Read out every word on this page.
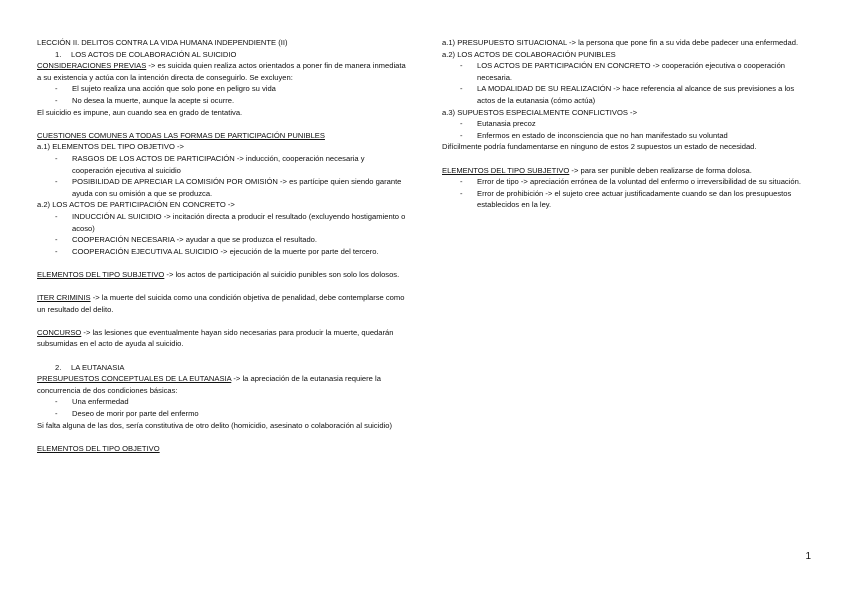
LECCIÓN II. DELITOS CONTRA LA VIDA HUMANA INDEPENDIENTE (II)

1.	LOS ACTOS DE COLABORACIÓN AL SUICIDIO

CONSIDERACIONES PREVIAS -> es suicida quien realiza actos orientados a poner fin de manera inmediata a su existencia y actúa con la intención directa de conseguirlo. Se excluyen:

- El sujeto realiza una acción que solo pone en peligro su vida
- No desea la muerte, aunque la acepte si ocurre.

El suicidio es impune, aun cuando sea en grado de tentativa.

CUESTIONES COMUNES A TODAS LAS FORMAS DE PARTICIPACIÓN PUNIBLES

a.1) ELEMENTOS DEL TIPO OBJETIVO ->

- RASGOS DE LOS ACTOS DE PARTICIPACIÓN -> inducción, cooperación necesaria y cooperación ejecutiva al suicidio
- POSIBILIDAD DE APRECIAR LA COMISIÓN POR OMISIÓN -> es partícipe quien siendo garante ayuda con su omisión a que se produzca.

a.2) LOS ACTOS DE PARTICIPACIÓN EN CONCRETO ->

- INDUCCIÓN AL SUICIDIO -> incitación directa a producir el resultado (excluyendo hostigamiento o acoso)
- COOPERACIÓN NECESARIA -> ayudar a que se produzca el resultado.
- COOPERACIÓN EJECUTIVA AL SUICIDIO -> ejecución de la muerte por parte del tercero.

ELEMENTOS DEL TIPO SUBJETIVO -> los actos de participación al suicidio punibles son solo los dolosos.

ITER CRIMINIS -> la muerte del suicida como una condición objetiva de penalidad, debe contemplarse como un resultado del delito.

CONCURSO -> las lesiones que eventualmente hayan sido necesarias para producir la muerte, quedarán subsumidas en el acto de ayuda al suicidio.

2.	LA EUTANASIA

PRESUPUESTOS CONCEPTUALES DE LA EUTANASIA -> la apreciación de la eutanasia requiere la concurrencia de dos condiciones básicas:

- Una enfermedad
- Deseo de morir por parte del enfermo

Si falta alguna de las dos, sería constitutiva de otro delito (homicidio, asesinato o colaboración al suicidio)

ELEMENTOS DEL TIPO OBJETIVO

a.1) PRESUPUESTO SITUACIONAL -> la persona que pone fin a su vida debe padecer una enfermedad.

a.2) LOS ACTOS DE COLABORACIÓN PUNIBLES

- LOS ACTOS DE PARTICIPACIÓN EN CONCRETO -> cooperación ejecutiva o cooperación necesaria.
- LA MODALIDAD DE SU REALIZACIÓN -> hace referencia al alcance de sus previsiones a los actos de la eutanasia (cómo actúa)

a.3) SUPUESTOS ESPECIALMENTE CONFLICTIVOS ->

- Eutanasia precoz
- Enfermos en estado de inconsciencia que no han manifestado su voluntad

Difícilmente podría fundamentarse en ninguno de estos 2 supuestos un estado de necesidad.

ELEMENTOS DEL TIPO SUBJETIVO -> para ser punible deben realizarse de forma dolosa.

- Error de tipo -> apreciación errónea de la voluntad del enfermo o irreversibilidad de su situación.
- Error de prohibición -> el sujeto cree actuar justificadamente cuando se dan los presupuestos establecidos en la ley.
1
